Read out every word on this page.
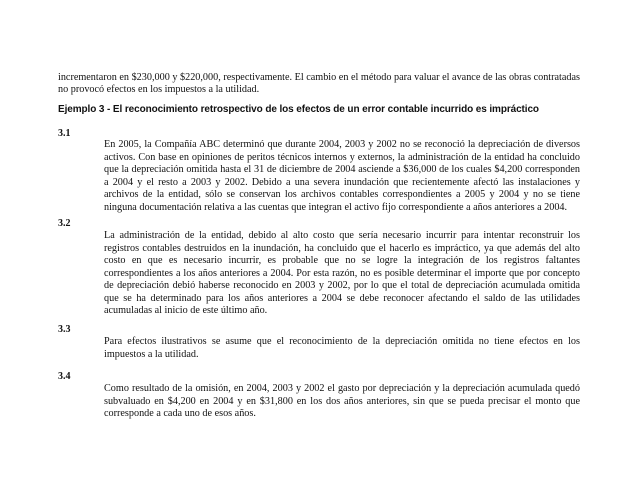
incrementaron en $230,000 y $220,000, respectivamente. El cambio en el método para valuar el avance de las obras contratadas no provocó efectos en los impuestos a la utilidad.

Ejemplo 3 - El reconocimiento retrospectivo de los efectos de un error contable incurrido es impráctico
3.1

En 2005, la Compañía ABC determinó que durante 2004, 2003 y 2002 no se reconoció la depreciación de diversos activos. Con base en opiniones de peritos técnicos internos y externos, la administración de la entidad ha concluido que la depreciación omitida hasta el 31 de diciembre de 2004 asciende a $36,000 de los cuales $4,200 corresponden a 2004 y el resto a 2003 y 2002. Debido a una severa inundación que recientemente afectó las instalaciones y archivos de la entidad, sólo se conservan los archivos contables correspondientes a 2005 y 2004 y no se tiene ninguna documentación relativa a las cuentas que integran el activo fijo correspondiente a años anteriores a 2004.

3.2

La administración de la entidad, debido al alto costo que sería necesario incurrir para intentar reconstruir los registros contables destruidos en la inundación, ha concluido que el hacerlo es impráctico, ya que además del alto costo en que es necesario incurrir, es probable que no se logre la integración de los registros faltantes correspondientes a los años anteriores a 2004. Por esta razón, no es posible determinar el importe que por concepto de depreciación debió haberse reconocido en 2003 y 2002, por lo que el total de depreciación acumulada omitida que se ha determinado para los años anteriores a 2004 se debe reconocer afectando el saldo de las utilidades acumuladas al inicio de este último año.

3.3

Para efectos ilustrativos se asume que el reconocimiento de la depreciación omitida no tiene efectos en los impuestos a la utilidad.

3.4

Como resultado de la omisión, en 2004, 2003 y 2002 el gasto por depreciación y la depreciación acumulada quedó subvaluado en $4,200 en 2004 y en $31,800 en los dos años anteriores, sin que se pueda precisar el monto que corresponde a cada uno de esos años.
